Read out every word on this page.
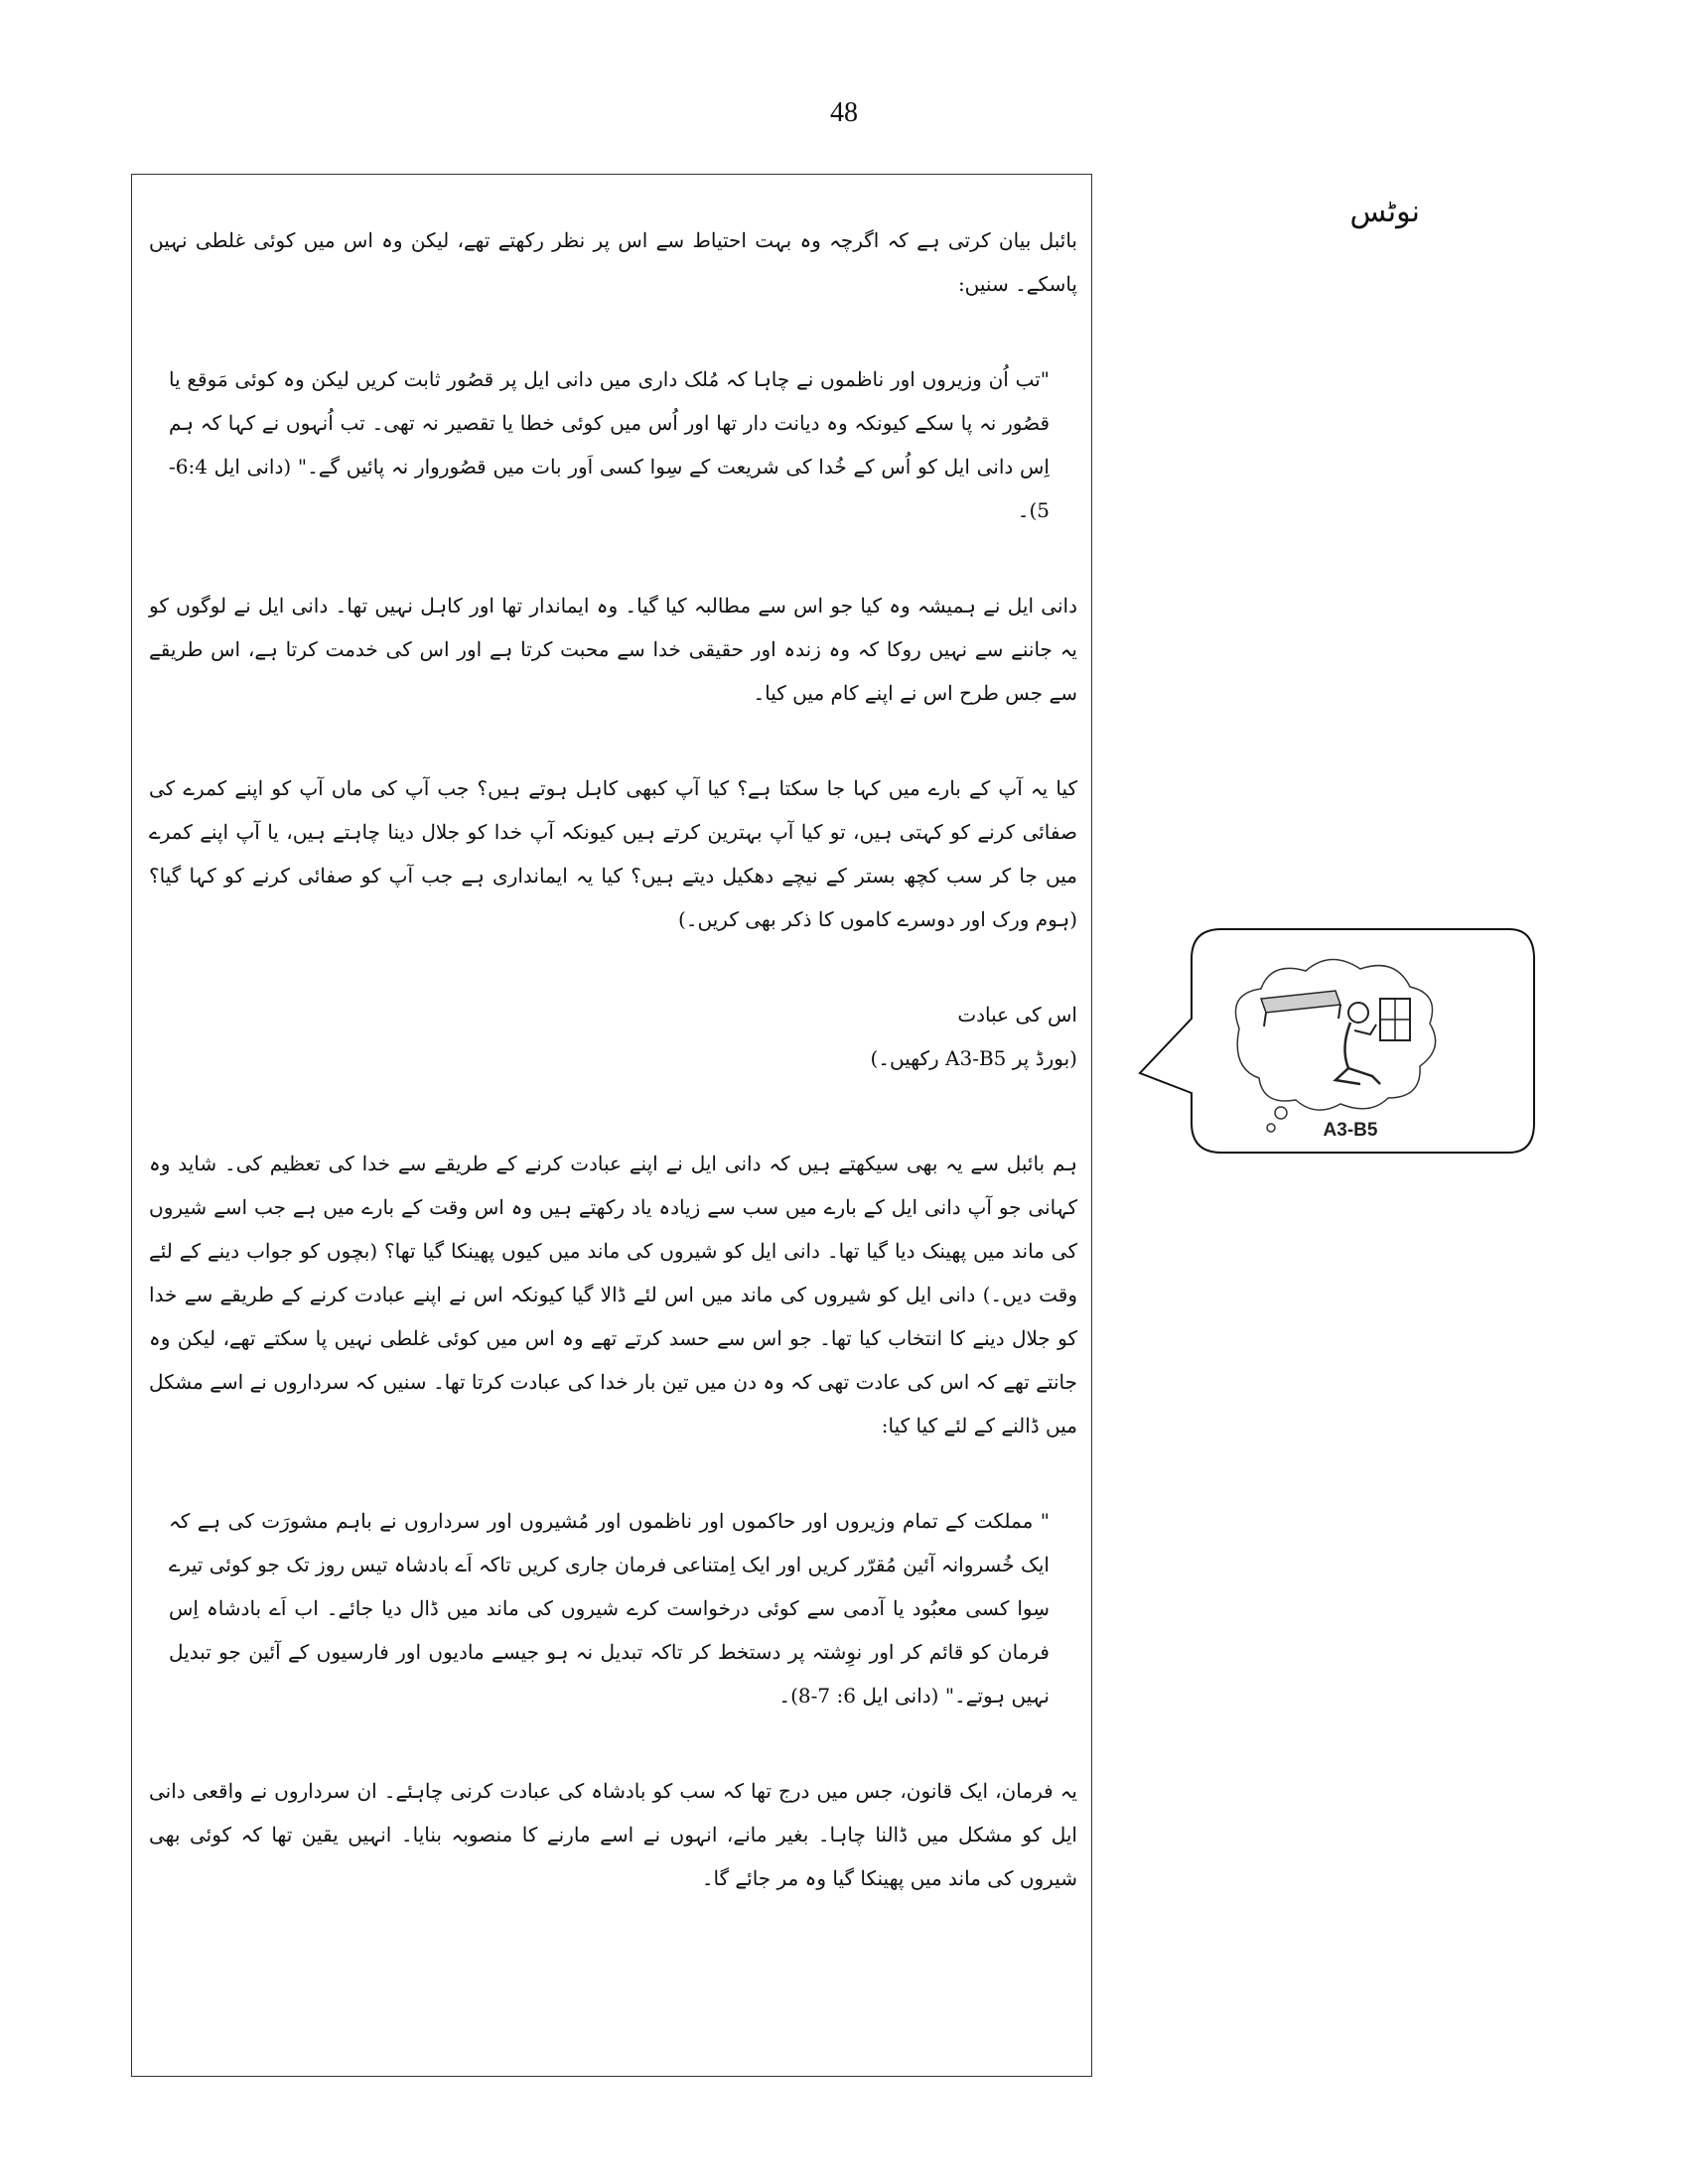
48
نوٹس

بائبل بیان کرتی ہے کہ اگرچہ وہ بہت احتیاط سے اس پر نظر رکھتے تھے، لیکن وہ اس میں کوئی غلطی نہیں پاسکے۔ سنیں:

"تب اُن وزیروں اور ناظموں نے چاہا کہ مُلک داری میں دانی ایل پر قصُور ثابت کریں لیکن وہ کوئی مَوقع یا قصُور نہ پا سکے کیونکہ وہ دیانت دار تھا اور اُس میں کوئی خطا یا تقصیر نہ تھی۔ تب اُنہوں نے کہا کہ ہم اِس دانی ایل کو اُس کے خُدا کی شریعت کے سِوا کسی اَور بات میں قصُوروار نہ پائیں گے۔" (دانی ایل 6:4-5)۔

دانی ایل نے ہمیشہ وہ کیا جو اس سے مطالبہ کیا گیا۔ وہ ایماندار تھا اور کاہل نہیں تھا۔ دانی ایل نے لوگوں کو یہ جاننے سے نہیں روکا کہ وہ زندہ اور حقیقی خدا سے محبت کرتا ہے اور اس کی خدمت کرتا ہے، اس طریقے سے جس طرح اس نے اپنے کام میں کیا۔

کیا یہ آپ کے بارے میں کہا جا سکتا ہے؟ کیا آپ کبھی کاہل ہوتے ہیں؟ جب آپ کی ماں آپ کو اپنے کمرے کی صفائی کرنے کو کہتی ہیں، تو کیا آپ بہترین کرتے ہیں کیونکہ آپ خدا کو جلال دینا چاہتے ہیں، یا آپ اپنے کمرے میں جا کر سب کچھ بستر کے نیچے دھکیل دیتے ہیں؟ کیا یہ ایمانداری ہے جب آپ کو صفائی کرنے کو کہا گیا؟ (ہوم ورک اور دوسرے کاموں کا ذکر بھی کریں۔)

اس کی عبادت

(بورڈ پر A3-B5 رکھیں۔)

ہم بائبل سے یہ بھی سیکھتے ہیں کہ دانی ایل نے اپنے عبادت کرنے کے طریقے سے خدا کی تعظیم کی۔ شاید وہ کہانی جو آپ دانی ایل کے بارے میں سب سے زیادہ یاد رکھتے ہیں وہ اس وقت کے بارے میں ہے جب اسے شیروں کی ماند میں پھینک دیا گیا تھا۔ دانی ایل کو شیروں کی ماند میں کیوں پھینکا گیا تھا؟ (بچوں کو جواب دینے کے لئے وقت دیں۔) دانی ایل کو شیروں کی ماند میں اس لئے ڈالا گیا کیونکہ اس نے اپنے عبادت کرنے کے طریقے سے خدا کو جلال دینے کا انتخاب کیا تھا۔ جو اس سے حسد کرتے تھے وہ اس میں کوئی غلطی نہیں پا سکتے تھے، لیکن وہ جانتے تھے کہ اس کی عادت تھی کہ وہ دن میں تین بار خدا کی عبادت کرتا تھا۔ سنیں کہ سرداروں نے اسے مشکل میں ڈالنے کے لئے کیا کیا:

" مملکت کے تمام وزیروں اور حاکموں اور ناظموں اور مُشیروں اور سرداروں نے باہم مشورَت کی ہے کہ ایک خُسروانہ آئین مُقرّر کریں اور ایک اِمتناعی فرمان جاری کریں تاکہ اَے بادشاہ تیس روز تک جو کوئی تیرے سِوا کسی معبُود یا آدمی سے کوئی درخواست کرے شیروں کی ماند میں ڈال دیا جائے۔ اب اَے بادشاہ اِس فرمان کو قائم کر اور نوِشتہ پر دستخط کر تاکہ تبدیل نہ ہو جیسے مادیوں اور فارسیوں کے آئین جو تبدیل نہیں ہوتے۔" (دانی ایل 6: 7-8)۔

یہ فرمان، ایک قانون، جس میں درج تھا کہ سب کو بادشاہ کی عبادت کرنی چاہئے۔ ان سرداروں نے واقعی دانی ایل کو مشکل میں ڈالنا چاہا۔ بغیر مانے، انہوں نے اسے مارنے کا منصوبہ بنایا۔ انہیں یقین تھا کہ کوئی بھی شیروں کی ماند میں پھینکا گیا وہ مر جائے گا۔

A3-B5
